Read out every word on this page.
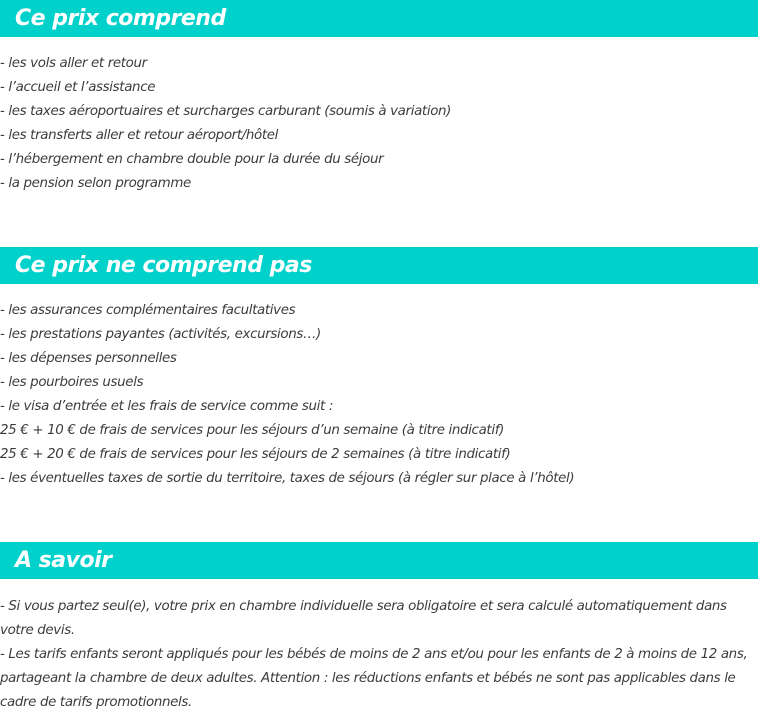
Ce prix comprend

- les vols aller et retour

- l’accueil et l’assistance

- les taxes aéroportuaires et surcharges carburant (soumis à variation)

- les transferts aller et retour aéroport/hôtel

- l’hébergement en chambre double pour la durée du séjour

- la pension selon programme

Ce prix ne comprend pas

- les assurances complémentaires facultatives

- les prestations payantes (activités, excursions…)

- les dépenses personnelles

- les pourboires usuels

- le visa d’entrée et les frais de service comme suit :

25 € + 10 € de frais de services pour les séjours d’un semaine (à titre indicatif)

25 € + 20 € de frais de services pour les séjours de 2 semaines (à titre indicatif)

- les éventuelles taxes de sortie du territoire, taxes de séjours (à régler sur place à l’hôtel)

A savoir

- Si vous partez seul(e), votre prix en chambre individuelle sera obligatoire et sera calculé automatiquement dans votre devis.

- Les tarifs enfants seront appliqués pour les bébés de moins de 2 ans et/ou pour les enfants de 2 à moins de 12 ans, partageant la chambre de deux adultes. Attention : les réductions enfants et bébés ne sont pas applicables dans le cadre de tarifs promotionnels.
